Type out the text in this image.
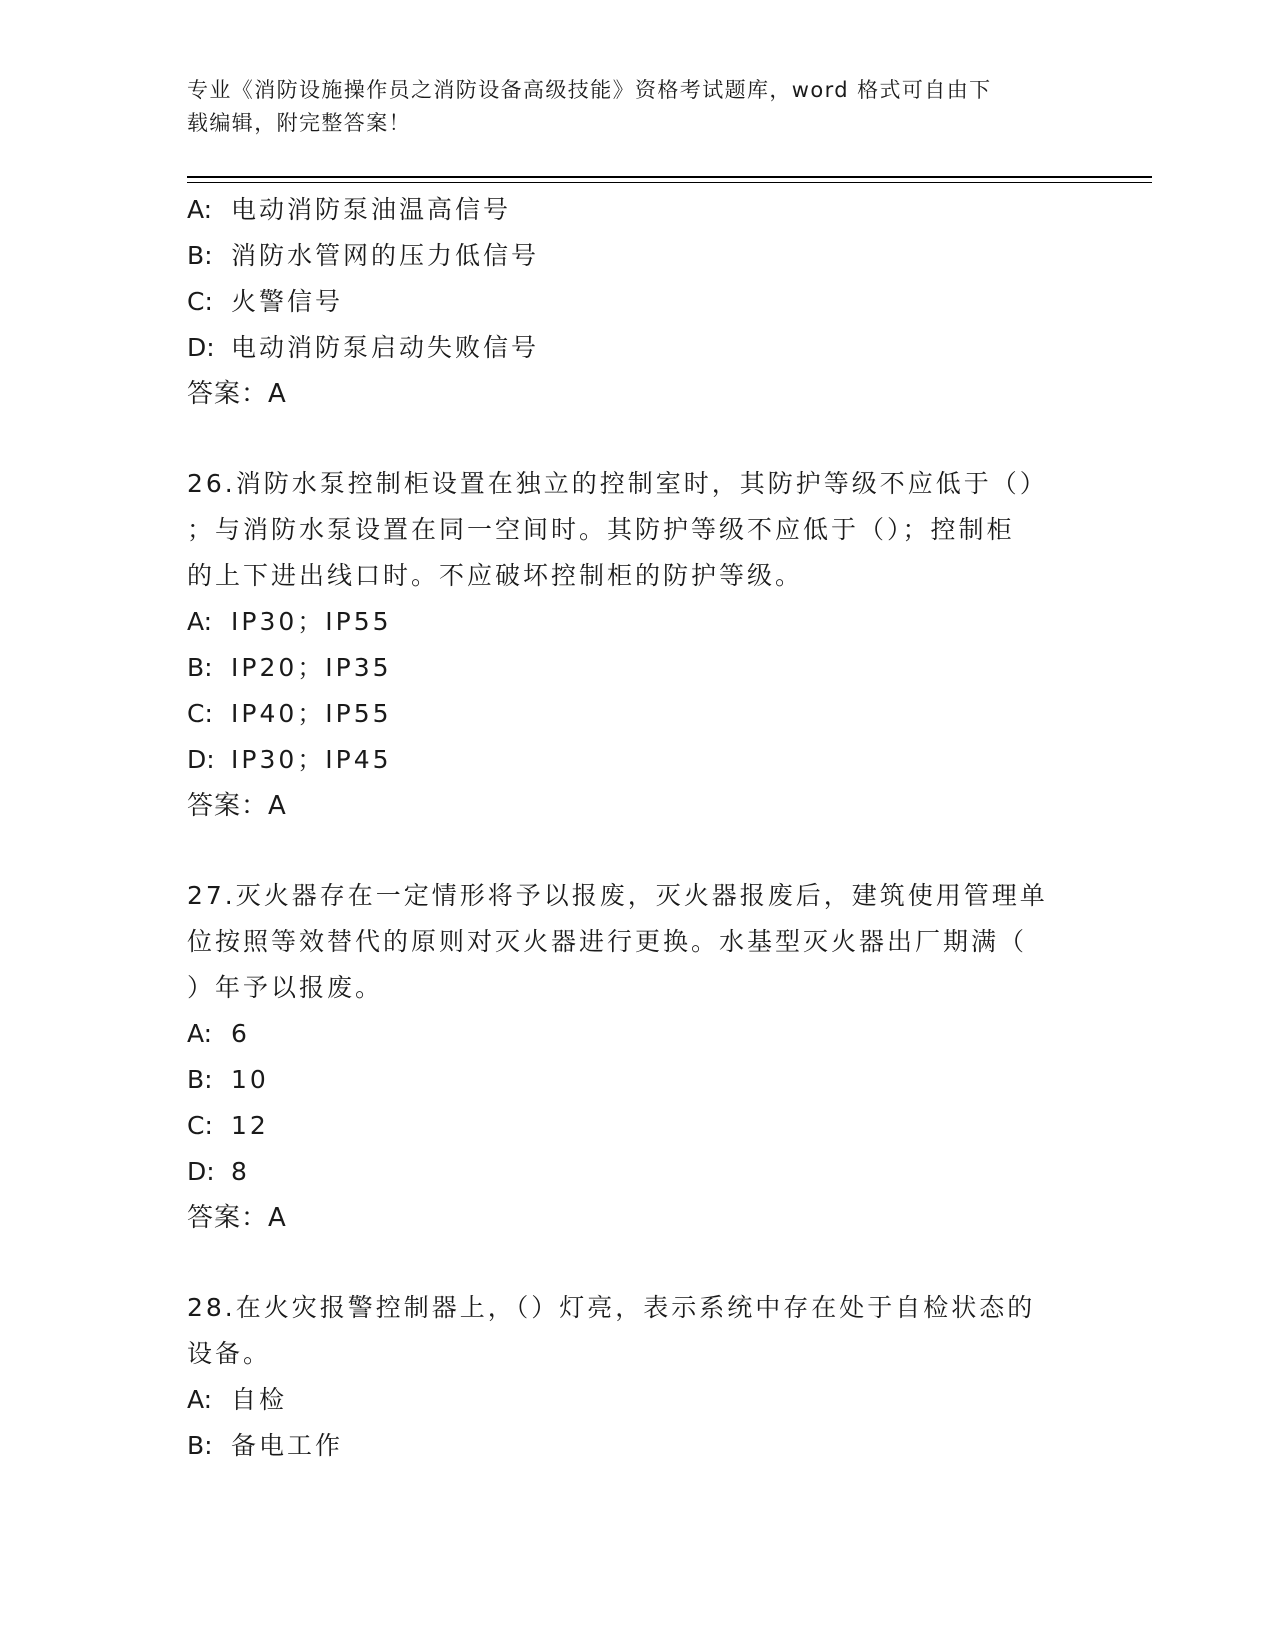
专业《消防设施操作员之消防设备高级技能》资格考试题库，word 格式可自由下
载编辑，附完整答案！
A: 电动消防泵油温高信号
B: 消防水管网的压力低信号
C: 火警信号
D: 电动消防泵启动失败信号
答案：A
26.消防水泵控制柜设置在独立的控制室时，其防护等级不应低于（）
；与消防水泵设置在同一空间时。其防护等级不应低于（）；控制柜
的上下进出线口时。不应破坏控制柜的防护等级。
A: IP30；IP55
B: IP20；IP35
C: IP40；IP55
D: IP30；IP45
答案：A
27.灭火器存在一定情形将予以报废，灭火器报废后，建筑使用管理单
位按照等效替代的原则对灭火器进行更换。水基型灭火器出厂期满（
）年予以报废。
A: 6
B: 10
C: 12
D: 8
答案：A
28.在火灾报警控制器上，（）灯亮，表示系统中存在处于自检状态的
设备。
A: 自检
B: 备电工作
